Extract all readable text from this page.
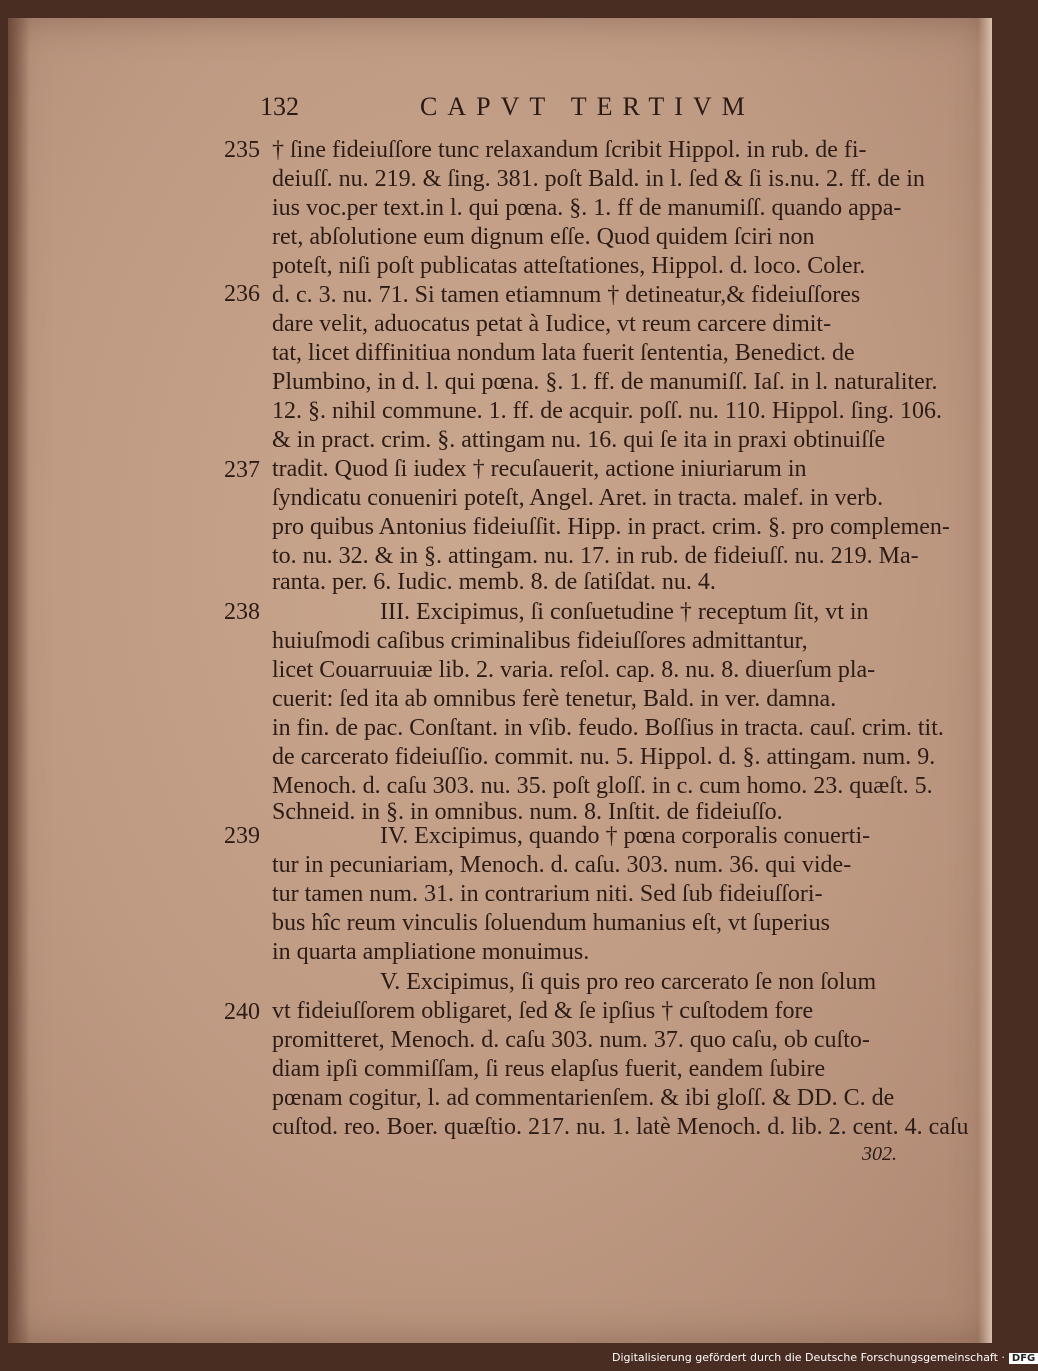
132	CAPVT TERTIVM
235
236
237
238
239
240
† ſine fideiuſſore tunc relaxandum ſcribit Hippol. in rub. de fi-
deiuſſ. nu. 219. & ſing. 381. poſt Bald. in l. ſed & ſi is.nu. 2. ff. de in
ius voc.per text.in l. qui pœna. §. 1. ff de manumiſſ. quando appa-
ret, abſolutione eum dignum eſſe. Quod quidem ſciri non
poteſt, niſi poſt publicatas atteſtationes, Hippol. d. loco. Coler.
d. c. 3. nu. 71. Si tamen etiamnum † detineatur,& fideiuſſores
dare velit, aduocatus petat à Iudice, vt reum carcere dimit-
tat, licet diffinitiua nondum lata fuerit ſententia, Benedict. de
Plumbino, in d. l. qui pœna. §. 1. ff. de manumiſſ. Iaſ. in l. naturaliter.
12. §. nihil commune. 1. ff. de acquir. poſſ. nu. 110. Hippol. ſing. 106.
& in pract. crim. §. attingam nu. 16. qui ſe ita in praxi obtinuiſſe
tradit. Quod ſi iudex † recuſauerit, actione iniuriarum in
ſyndicatu conueniri poteſt, Angel. Aret. in tracta. malef. in verb.
pro quibus Antonius fideiuſſit. Hipp. in pract. crim. §. pro complemen-
to. nu. 32. & in §. attingam. nu. 17. in rub. de fideiuſſ. nu. 219. Ma-
ranta. per. 6. Iudic. memb. 8. de ſatiſdat. nu. 4.
III. Excipimus, ſi conſuetudine † receptum ſit, vt in
huiuſmodi caſibus criminalibus fideiuſſores admittantur,
licet Couarruuiæ lib. 2. varia. reſol. cap. 8. nu. 8. diuerſum pla-
cuerit: ſed ita ab omnibus ferè tenetur, Bald. in ver. damna.
in fin. de pac. Conſtant. in vſib. feudo. Boſſius in tracta. cauſ. crim. tit.
de carcerato fideiuſſio. commit. nu. 5. Hippol. d. §. attingam. num. 9.
Menoch. d. caſu 303. nu. 35. poſt gloſſ. in c. cum homo. 23. quæſt. 5.
Schneid. in §. in omnibus. num. 8. Inſtit. de fideiuſſo.
IV. Excipimus, quando † pœna corporalis conuerti-
tur in pecuniariam, Menoch. d. caſu. 303. num. 36. qui vide-
tur tamen num. 31. in contrarium niti. Sed ſub fideiuſſori-
bus hîc reum vinculis ſoluendum humanius eſt, vt ſuperius
in quarta ampliatione monuimus.
V. Excipimus, ſi quis pro reo carcerato ſe non ſolum
vt fideiuſſorem obligaret, ſed & ſe ipſius † cuſtodem fore
promitteret, Menoch. d. caſu 303. num. 37. quo caſu, ob cuſto-
diam ipſi commiſſam, ſi reus elapſus fuerit, eandem ſubire
pœnam cogitur, l. ad commentarienſem. & ibi gloſſ. & DD. C. de
cuſtod. reo. Boer. quæſtio. 217. nu. 1. latè Menoch. d. lib. 2. cent. 4. caſu
302.
Digitalisierung gefördert durch die Deutsche Forschungsgemeinschaft · DFG
